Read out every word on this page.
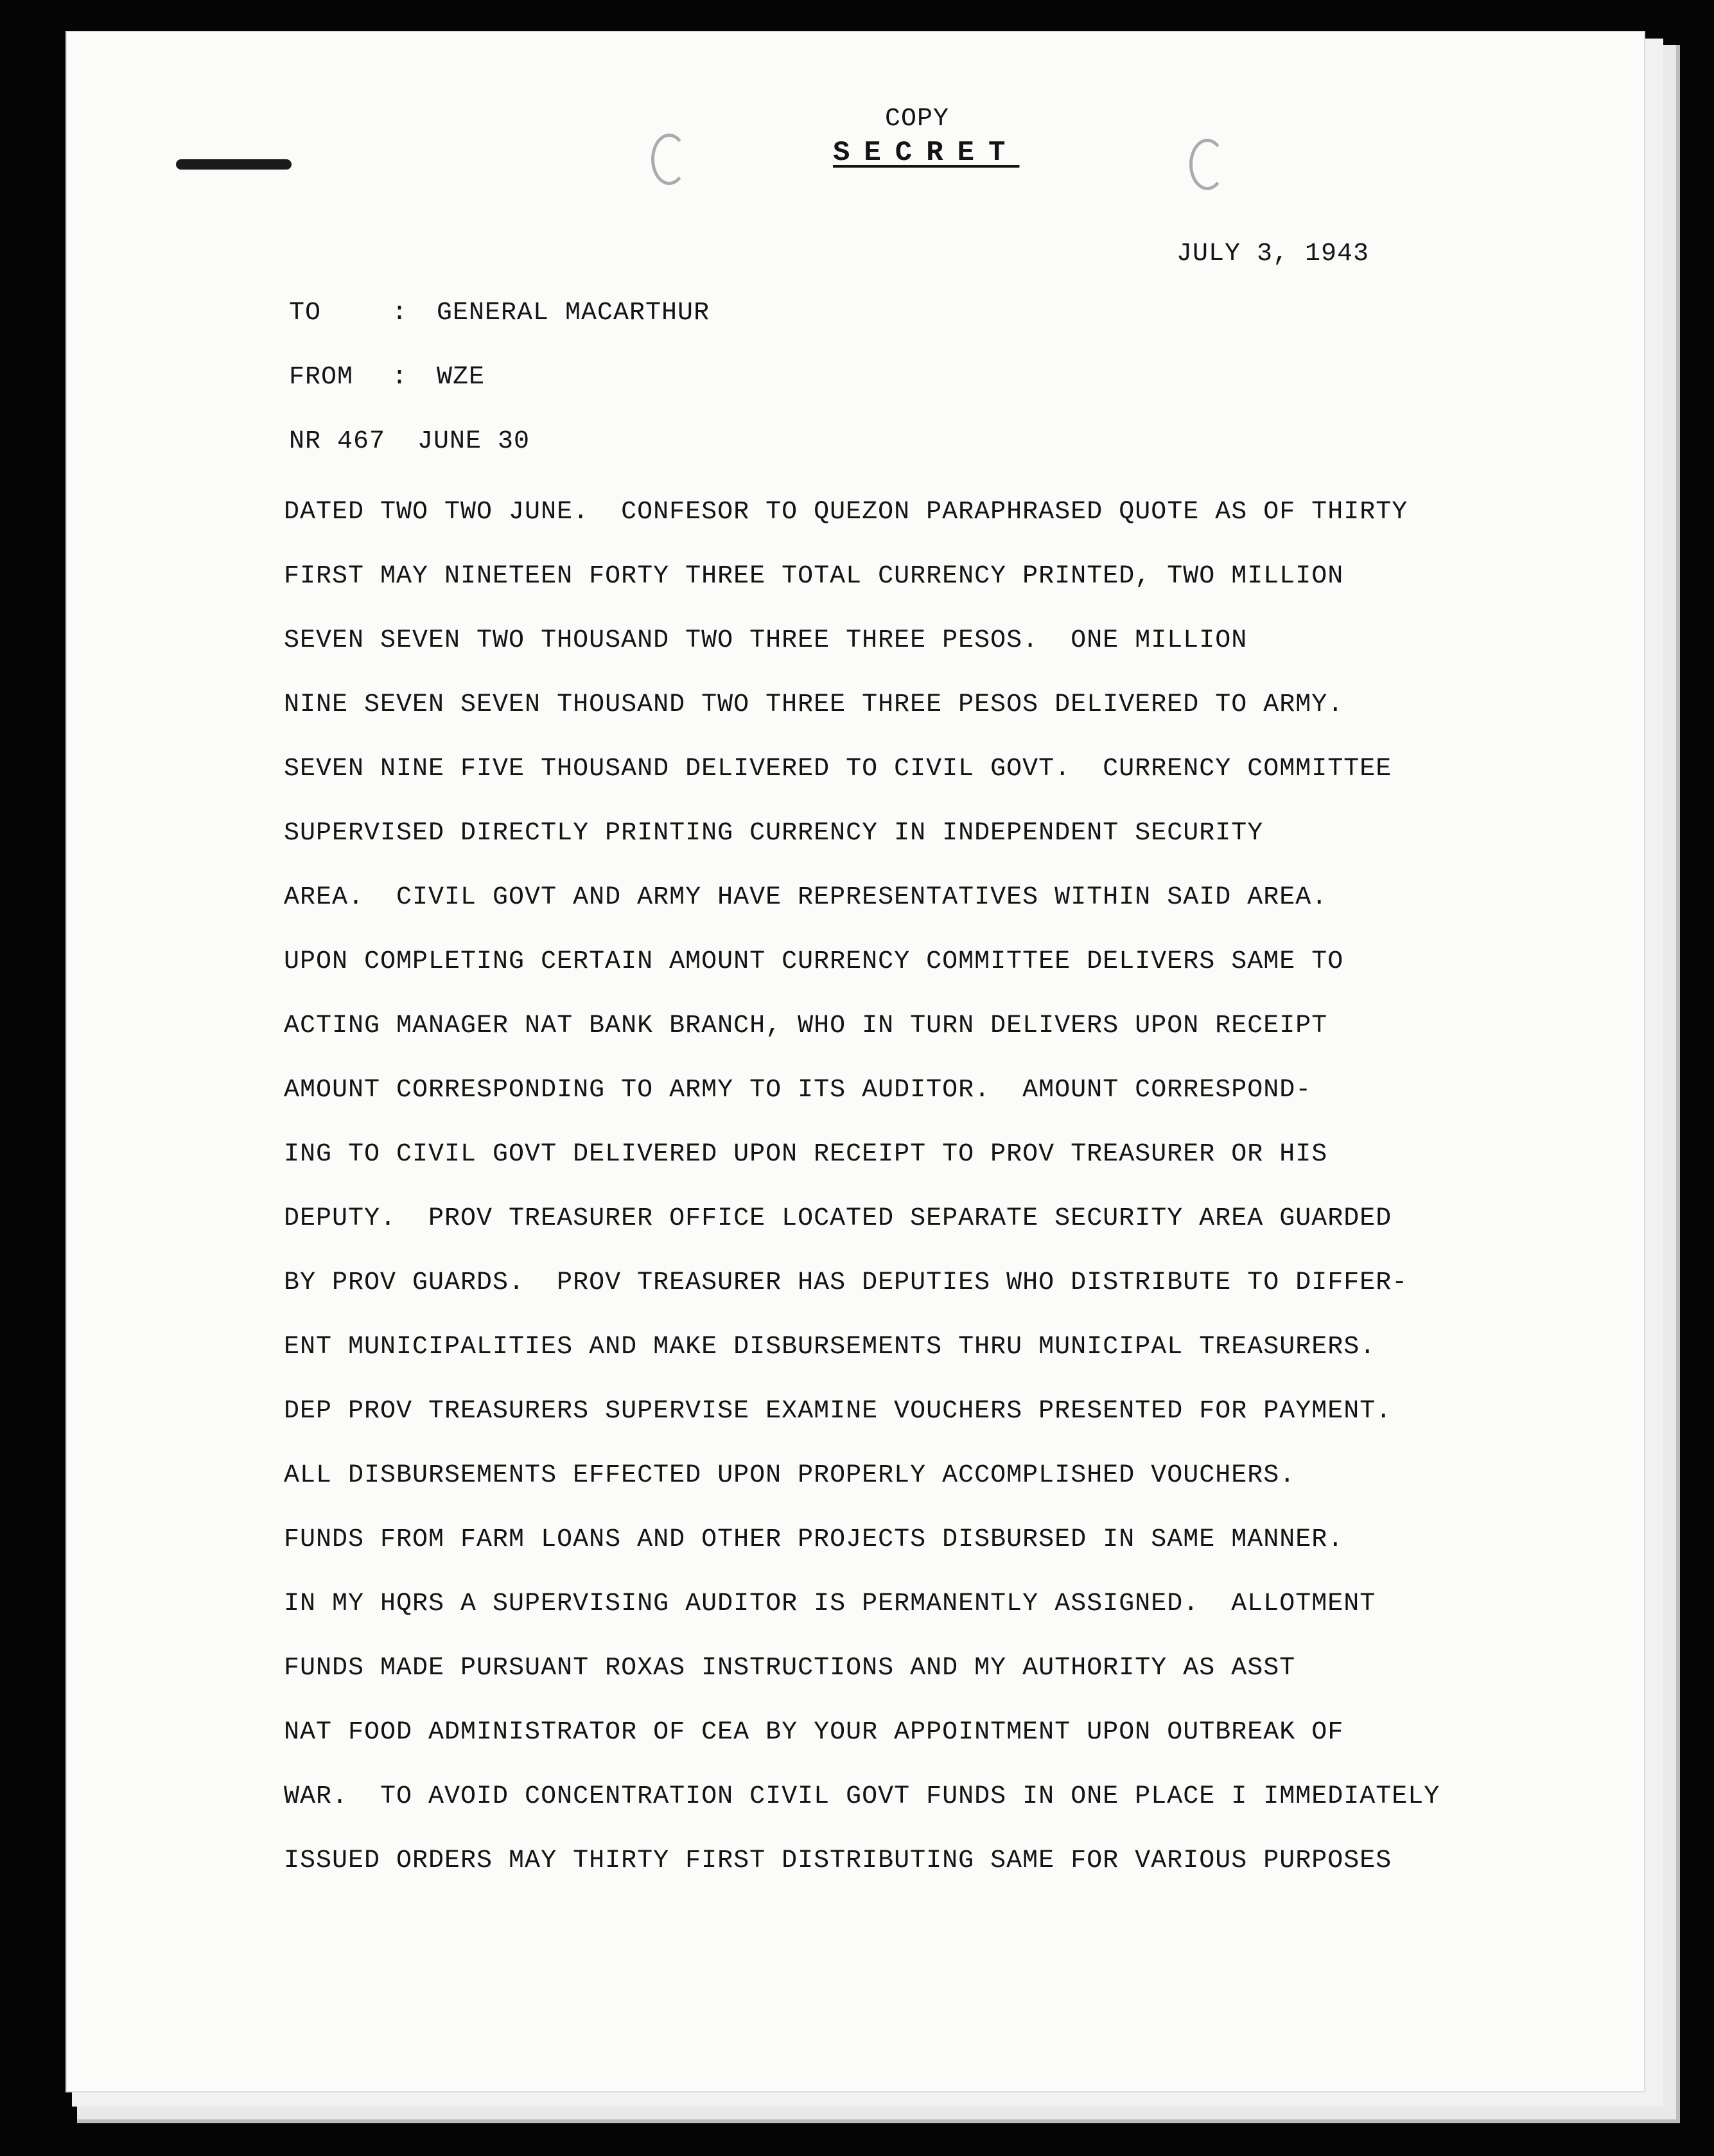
COPY
SECRET
JULY 3, 1943
TO	: GENERAL MACARTHUR
FROM : WZE
NR 467  JUNE 30
DATED TWO TWO JUNE.  CONFESOR TO QUEZON PARAPHRASED QUOTE AS OF THIRTY
FIRST MAY NINETEEN FORTY THREE TOTAL CURRENCY PRINTED, TWO MILLION
SEVEN SEVEN TWO THOUSAND TWO THREE THREE PESOS.  ONE MILLION
NINE SEVEN SEVEN THOUSAND TWO THREE THREE PESOS DELIVERED TO ARMY.
SEVEN NINE FIVE THOUSAND DELIVERED TO CIVIL GOVT.  CURRENCY COMMITTEE
SUPERVISED DIRECTLY PRINTING CURRENCY IN INDEPENDENT SECURITY
AREA.  CIVIL GOVT AND ARMY HAVE REPRESENTATIVES WITHIN SAID AREA.
UPON COMPLETING CERTAIN AMOUNT CURRENCY COMMITTEE DELIVERS SAME TO
ACTING MANAGER NAT BANK BRANCH, WHO IN TURN DELIVERS UPON RECEIPT
AMOUNT CORRESPONDING TO ARMY TO ITS AUDITOR.  AMOUNT CORRESPOND-
ING TO CIVIL GOVT DELIVERED UPON RECEIPT TO PROV TREASURER OR HIS
DEPUTY.  PROV TREASURER OFFICE LOCATED SEPARATE SECURITY AREA GUARDED
BY PROV GUARDS.  PROV TREASURER HAS DEPUTIES WHO DISTRIBUTE TO DIFFER-
ENT MUNICIPALITIES AND MAKE DISBURSEMENTS THRU MUNICIPAL TREASURERS.
DEP PROV TREASURERS SUPERVISE EXAMINE VOUCHERS PRESENTED FOR PAYMENT.
ALL DISBURSEMENTS EFFECTED UPON PROPERLY ACCOMPLISHED VOUCHERS.
FUNDS FROM FARM LOANS AND OTHER PROJECTS DISBURSED IN SAME MANNER.
IN MY HQRS A SUPERVISING AUDITOR IS PERMANENTLY ASSIGNED.  ALLOTMENT
FUNDS MADE PURSUANT ROXAS INSTRUCTIONS AND MY AUTHORITY AS ASST
NAT FOOD ADMINISTRATOR OF CEA BY YOUR APPOINTMENT UPON OUTBREAK OF
WAR.  TO AVOID CONCENTRATION CIVIL GOVT FUNDS IN ONE PLACE I IMMEDIATELY
ISSUED ORDERS MAY THIRTY FIRST DISTRIBUTING SAME FOR VARIOUS PURPOSES
